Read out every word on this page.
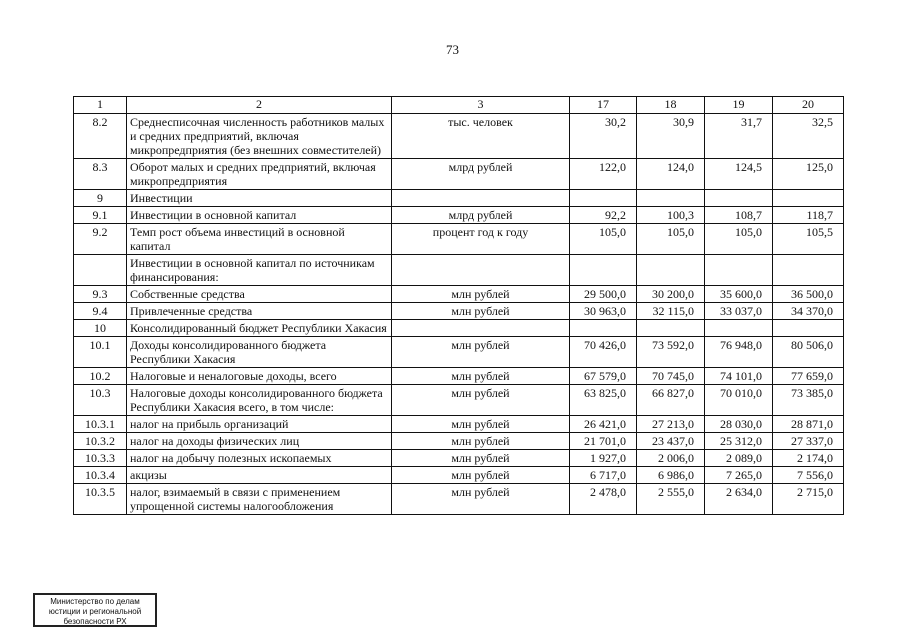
73
1	2	3	17	18	19	20
8.2	Среднесписочная численность работников малых и средних предприятий, включая микропредприятия (без внешних совместителей)	тыс. человек	30,2	30,9	31,7	32,5
8.3	Оборот малых и средних предприятий, включая микропредприятия	млрд рублей	122,0	124,0	124,5	125,0
9	Инвестиции					
9.1	Инвестиции в основной капитал	млрд рублей	92,2	100,3	108,7	118,7
9.2	Темп рост объема инвестиций в основной капитал	процент год к году	105,0	105,0	105,0	105,5
	Инвестиции в основной капитал по источникам финансирования:					
9.3	Собственные средства	млн рублей	29 500,0	30 200,0	35 600,0	36 500,0
9.4	Привлеченные средства	млн рублей	30 963,0	32 115,0	33 037,0	34 370,0
10	Консолидированный бюджет Республики Хакасия					
10.1	Доходы консолидированного бюджета Республики Хакасия	млн рублей	70 426,0	73 592,0	76 948,0	80 506,0
10.2	Налоговые и неналоговые доходы, всего	млн рублей	67 579,0	70 745,0	74 101,0	77 659,0
10.3	Налоговые доходы консолидированного бюджета Республики Хакасия всего, в том числе:	млн рублей	63 825,0	66 827,0	70 010,0	73 385,0
10.3.1	налог на прибыль организаций	млн рублей	26 421,0	27 213,0	28 030,0	28 871,0
10.3.2	налог на доходы физических лиц	млн рублей	21 701,0	23 437,0	25 312,0	27 337,0
10.3.3	налог на добычу полезных ископаемых	млн рублей	1 927,0	2 006,0	2 089,0	2 174,0
10.3.4	акцизы	млн рублей	6 717,0	6 986,0	7 265,0	7 556,0
10.3.5	налог, взимаемый в связи с применением упрощенной системы налогообложения	млн рублей	2 478,0	2 555,0	2 634,0	2 715,0
Министерство по делам
юстиции и региональной
безопасности РХ
